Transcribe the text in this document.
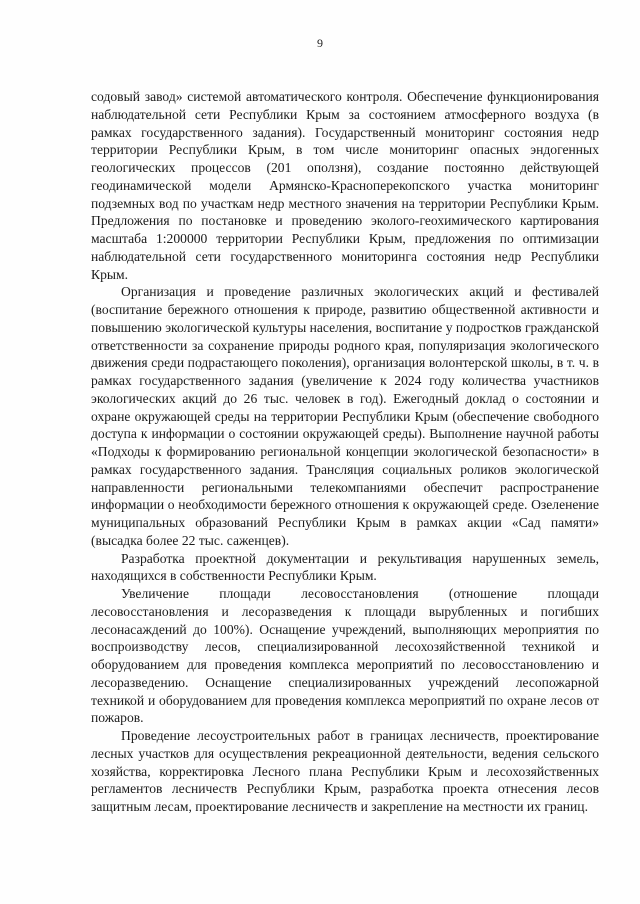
9

содовый завод» системой автоматического контроля. Обеспечение функционирования наблюдательной сети Республики Крым за состоянием атмосферного воздуха (в рамках государственного задания). Государственный мониторинг состояния недр территории Республики Крым, в том числе мониторинг опасных эндогенных геологических процессов (201 оползня), создание постоянно действующей геодинамической модели Армянско-Красноперекопского участка мониторинг подземных вод по участкам недр местного значения на территории Республики Крым. Предложения по постановке и проведению эколого-геохимического картирования масштаба 1:200000 территории Республики Крым, предложения по оптимизации наблюдательной сети государственного мониторинга состояния недр Республики Крым.

Организация и проведение различных экологических акций и фестивалей (воспитание бережного отношения к природе, развитию общественной активности и повышению экологической культуры населения, воспитание у подростков гражданской ответственности за сохранение природы родного края, популяризация экологического движения среди подрастающего поколения), организация волонтерской школы, в т. ч. в рамках государственного задания (увеличение к 2024 году количества участников экологических акций до 26 тыс. человек в год). Ежегодный доклад о состоянии и охране окружающей среды на территории Республики Крым (обеспечение свободного доступа к информации о состоянии окружающей среды). Выполнение научной работы «Подходы к формированию региональной концепции экологической безопасности» в рамках государственного задания. Трансляция социальных роликов экологической направленности региональными телекомпаниями обеспечит распространение информации о необходимости бережного отношения к окружающей среде. Озеленение муниципальных образований Республики Крым в рамках акции «Сад памяти» (высадка более 22 тыс. саженцев).

Разработка проектной документации и рекультивация нарушенных земель, находящихся в собственности Республики Крым.

Увеличение площади лесовосстановления (отношение площади лесовосстановления и лесоразведения к площади вырубленных и погибших лесонасаждений до 100%). Оснащение учреждений, выполняющих мероприятия по воспроизводству лесов, специализированной лесохозяйственной техникой и оборудованием для проведения комплекса мероприятий по лесовосстановлению и лесоразведению. Оснащение специализированных учреждений лесопожарной техникой и оборудованием для проведения комплекса мероприятий по охране лесов от пожаров.

Проведение лесоустроительных работ в границах лесничеств, проектирование лесных участков для осуществления рекреационной деятельности, ведения сельского хозяйства, корректировка Лесного плана Республики Крым и лесохозяйственных регламентов лесничеств Республики Крым, разработка проекта отнесения лесов защитным лесам, проектирование лесничеств и закрепление на местности их границ.
